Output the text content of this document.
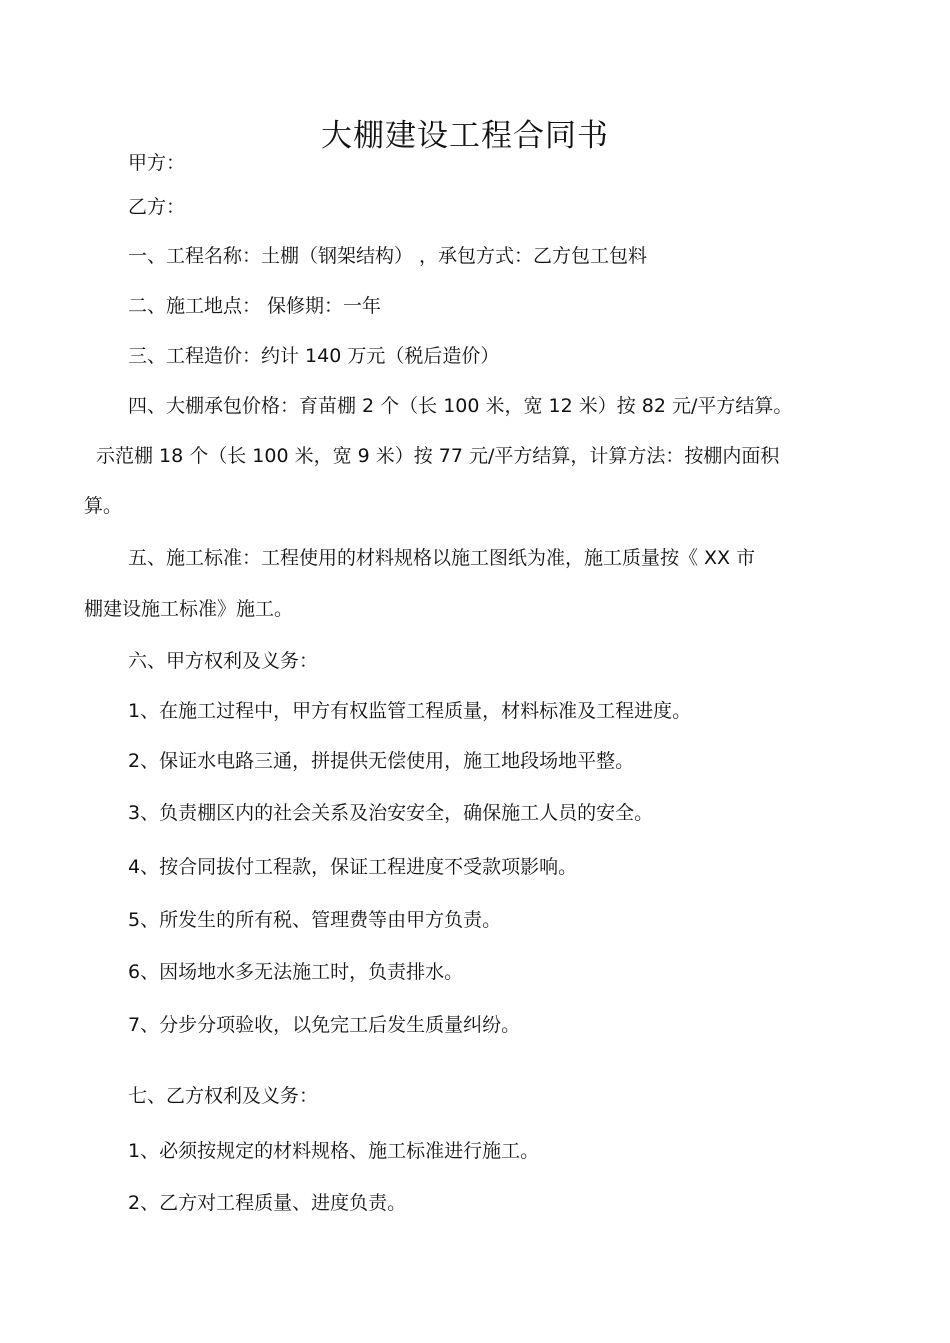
大棚建设工程合同书
甲方：
乙方：
一、工程名称：土棚（钢架结构） ，承包方式：乙方包工包料
二、施工地点： 保修期：一年
三、工程造价：约计 140 万元（税后造价）
四、大棚承包价格：育苗棚 2 个（长 100 米，宽 12 米）按 82 元/平方结算。
示范棚 18 个（长 100 米，宽 9 米）按 77 元/平方结算，计算方法：按棚内面积
算。
五、施工标准：工程使用的材料规格以施工图纸为准，施工质量按《 XX 市
棚建设施工标准》施工。
六、甲方权利及义务：
1、在施工过程中，甲方有权监管工程质量，材料标准及工程进度。
2、保证水电路三通，拼提供无偿使用，施工地段场地平整。
3、负责棚区内的社会关系及治安安全，确保施工人员的安全。
4、按合同拔付工程款，保证工程进度不受款项影响。
5、所发生的所有税、管理费等由甲方负责。
6、因场地水多无法施工时，负责排水。
7、分步分项验收，以免完工后发生质量纠纷。
七、乙方权利及义务：
1、必须按规定的材料规格、施工标准进行施工。
2、乙方对工程质量、进度负责。
